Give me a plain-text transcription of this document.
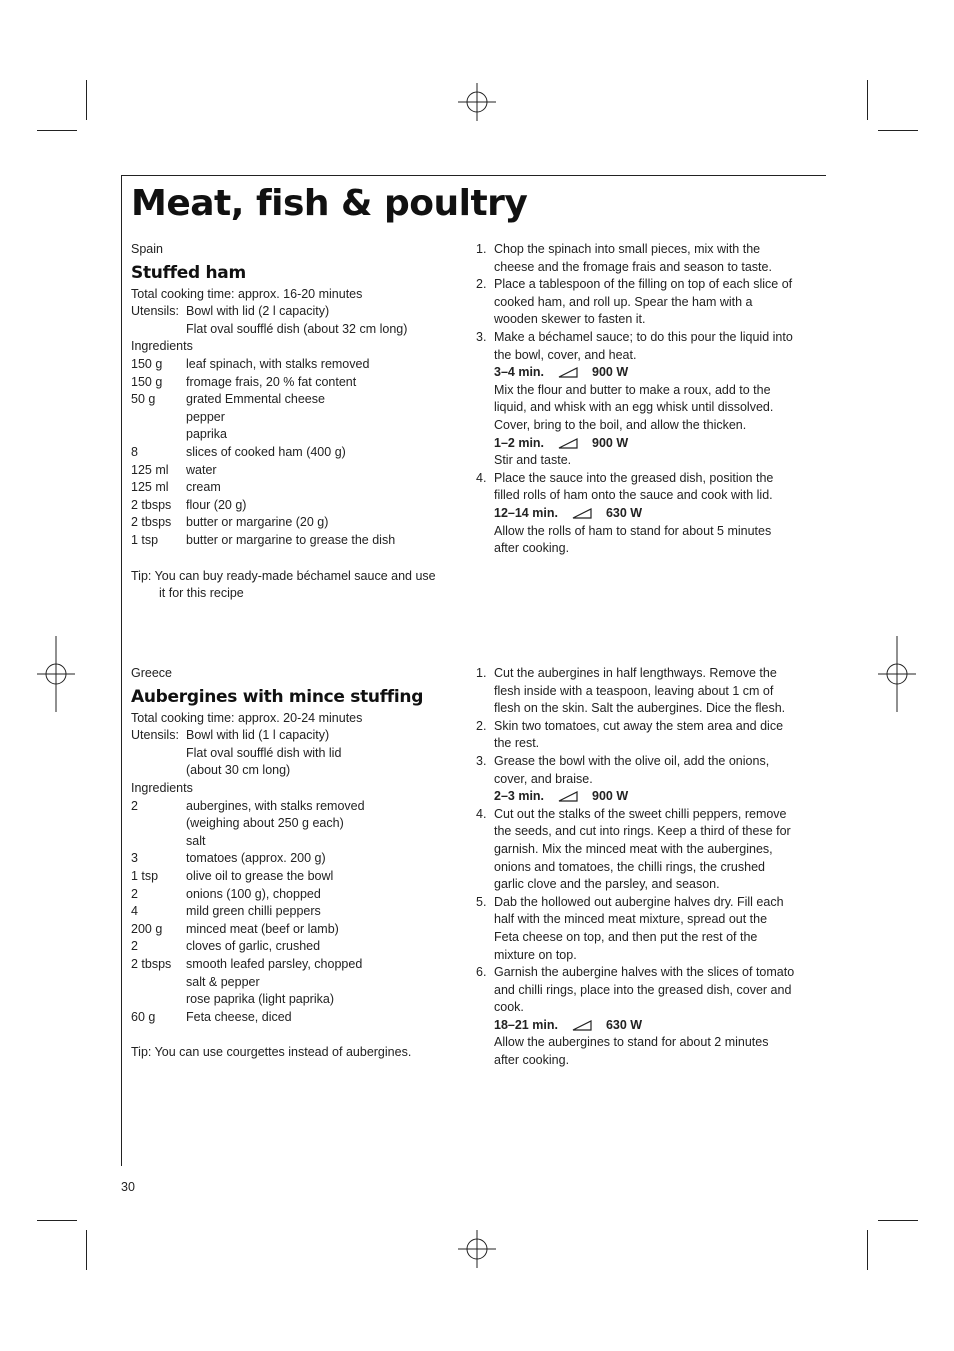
Meat, fish & poultry
Spain
Stuffed ham
Total cooking time: approx. 16-20 minutes
Utensils: Bowl with lid (2 l capacity)
Flat oval soufflé dish (about 32 cm long)
Ingredients
150 g	leaf spinach, with stalks removed
150 g	fromage frais, 20 % fat content
50 g	grated Emmental cheese
pepper
paprika
8	slices of cooked ham (400 g)
125 ml	water
125 ml	cream
2 tbsps	flour (20 g)
2 tbsps	butter or margarine (20 g)
1 tsp	butter or margarine to grease the dish
Tip: You can buy ready-made béchamel sauce and use
it for this recipe
1. Chop the spinach into small pieces, mix with the
cheese and the fromage frais and season to taste.
2. Place a tablespoon of the filling on top of each slice of
cooked ham, and roll up. Spear the ham with a
wooden skewer to fasten it.
3. Make a béchamel sauce; to do this pour the liquid into
the bowl, cover, and heat.
3–4 min.	900 W
Mix the flour and butter to make a roux, add to the
liquid, and whisk with an egg whisk until dissolved.
Cover, bring to the boil, and allow the thicken.
1–2 min.	900 W
Stir and taste.
4. Place the sauce into the greased dish, position the
filled rolls of ham onto the sauce and cook with lid.
12–14 min.	630 W
Allow the rolls of ham to stand for about 5 minutes
after cooking.
Greece
Aubergines with mince stuffing
Total cooking time: approx. 20-24 minutes
Utensils: Bowl with lid (1 l capacity)
Flat oval soufflé dish with lid
(about 30 cm long)
Ingredients
2	aubergines, with stalks removed
(weighing about 250 g each)
salt
3	tomatoes (approx. 200 g)
1 tsp	olive oil to grease the bowl
2	onions (100 g), chopped
4	mild green chilli peppers
200 g	minced meat (beef or lamb)
2	cloves of garlic, crushed
2 tbsps	smooth leafed parsley, chopped
salt & pepper
rose paprika (light paprika)
60 g	Feta cheese, diced
Tip: You can use courgettes instead of aubergines.
1. Cut the aubergines in half lengthways. Remove the
flesh inside with a teaspoon, leaving about 1 cm of
flesh on the skin. Salt the aubergines. Dice the flesh.
2. Skin two tomatoes, cut away the stem area and dice
the rest.
3. Grease the bowl with the olive oil, add the onions,
cover, and braise.
2–3 min.	900 W
4. Cut out the stalks of the sweet chilli peppers, remove
the seeds, and cut into rings. Keep a third of these for
garnish. Mix the minced meat with the aubergines,
onions and tomatoes, the chilli rings, the crushed
garlic clove and the parsley, and season.
5. Dab the hollowed out aubergine halves dry. Fill each
half with the minced meat mixture, spread out the
Feta cheese on top, and then put the rest of the
mixture on top.
6. Garnish the aubergine halves with the slices of tomato
and chilli rings, place into the greased dish, cover and
cook.
18–21 min.	630 W
Allow the aubergines to stand for about 2 minutes
after cooking.
30
